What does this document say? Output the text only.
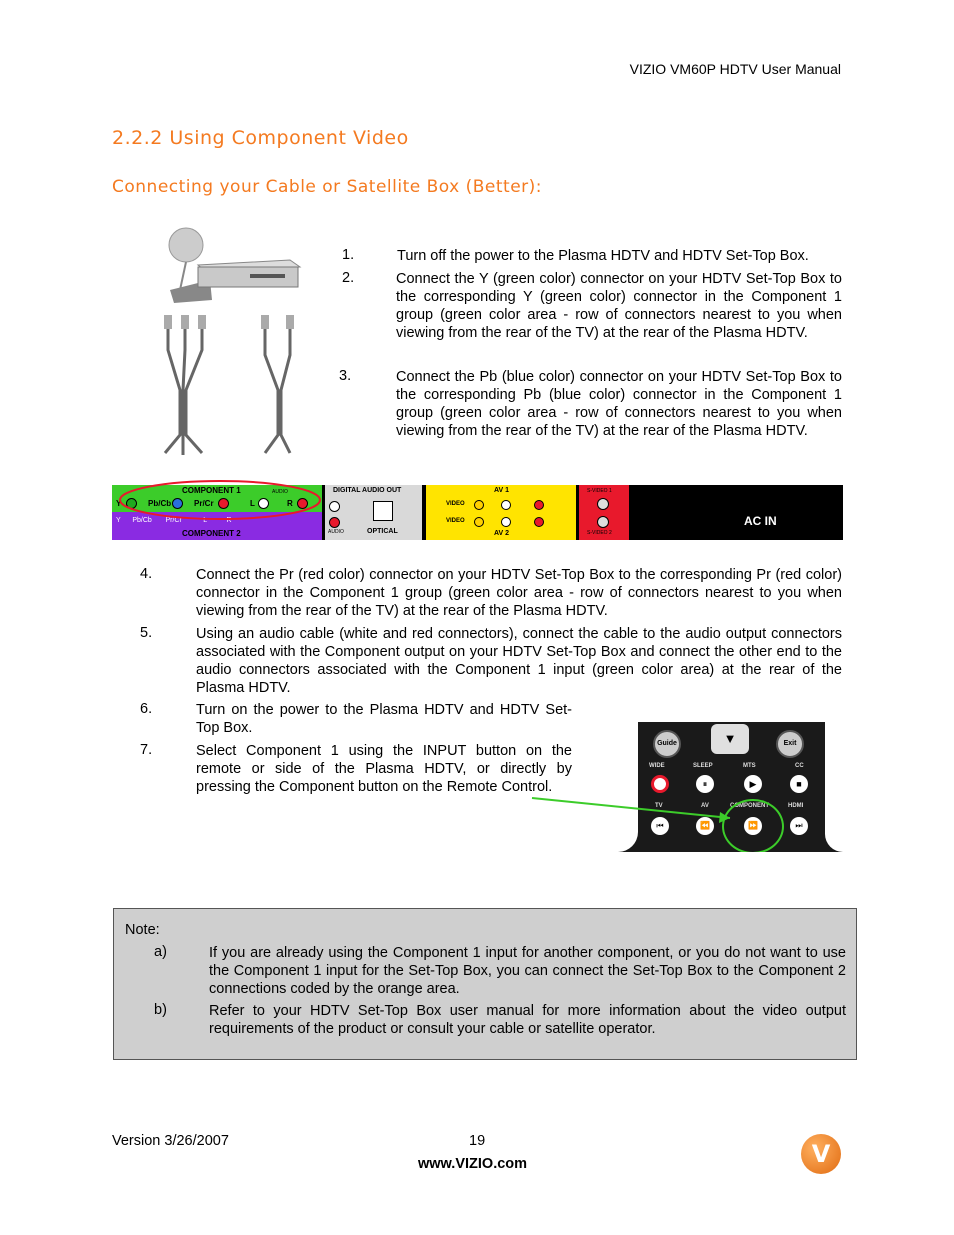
VIZIO VM60P HDTV User Manual
2.2.2 Using Component Video
Connecting your Cable or Satellite Box (Better):
1.	Turn off the power to the Plasma HDTV and HDTV Set-Top Box.
2.	Connect the Y (green color) connector on your HDTV Set-Top Box to the corresponding Y (green color) connector in the Component 1 group (green color area - row of connectors nearest to you when viewing from the rear of the TV) at the rear of the Plasma HDTV.
3.	Connect the Pb (blue color) connector on your HDTV Set-Top Box to the corresponding Pb (blue color) connector in the Component 1 group (green color area - row of connectors nearest to you when viewing from the rear of the TV) at the rear of the Plasma HDTV.
COMPONENT 1
Y	Pb/Cb	Pr/Cr	L
AUDIO
R
Y Pb/Cb Pr/Cr	L	R
COMPONENT 2
DIGITAL AUDIO OUT
AUDIO	OPTICAL
AV 1
VIDEO
VIDEO
AV 2
S-VIDEO 1
S-VIDEO 2
AC IN
4.	Connect the Pr (red color) connector on your HDTV Set-Top Box to the corresponding Pr (red color) connector in the Component 1 group (green color area - row of connectors nearest to you when viewing from the rear of the TV) at the rear of the Plasma HDTV.
5.	Using an audio cable (white and red connectors), connect the cable to the audio output connectors associated with the Component output on your HDTV Set-Top Box and connect the other end to the audio connectors associated with the Component 1 input (green color area) at the rear of the Plasma HDTV.
6.	Turn on the power to the Plasma HDTV and HDTV Set-Top Box.
7.	Select Component 1 using the INPUT button on the remote or side of the Plasma HDTV, or directly by pressing the Component button on the Remote Control.
Guide	▼	Exit
WIDE	SLEEP	MTS	CC
⏸	▶	■
TV	AV	COMPONENT	HDMI
⏮	⏪	⏩	⏭
Note:
a)	If you are already using the Component 1 input for another component, or you do not want to use the Component 1 input for the Set-Top Box, you can connect the Set-Top Box to the Component 2 connections coded by the orange area.
b)	Refer to your HDTV Set-Top Box user manual for more information about the video output requirements of the product or consult your cable or satellite operator.
Version 3/26/2007	19
www.VIZIO.com	V
